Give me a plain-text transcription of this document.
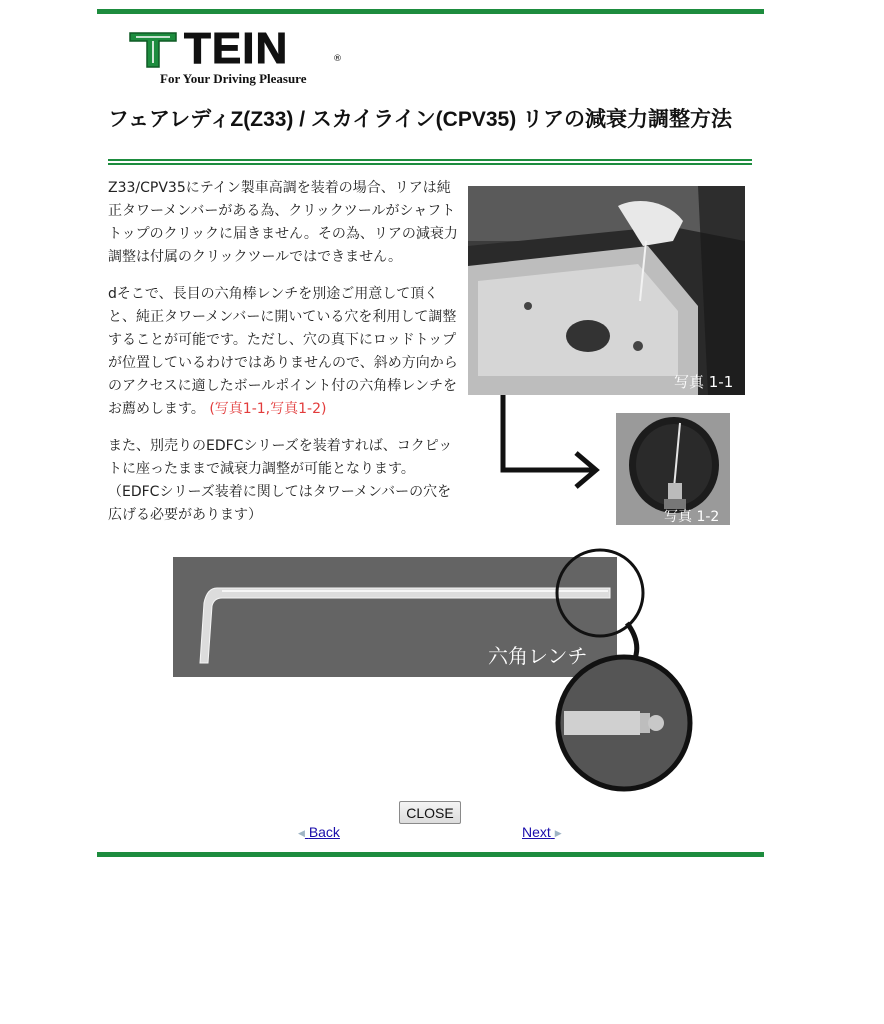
TEIN	®
For Your Driving Pleasure
フェアレディZ(Z33) / スカイライン(CPV35) リアの減衰力調整方法

Z33/CPV35にテイン製車高調を装着の場合、リアは純正タワーメンバーがある為、クリックツールがシャフトトップのクリックに届きません。その為、リアの減衰力調整は付属のクリックツールではできません。

dそこで、長目の六角棒レンチを別途ご用意して頂くと、純正タワーメンバーに開いている穴を利用して調整することが可能です。ただし、穴の真下にロッドトップが位置しているわけではありませんので、斜め方向からのアクセスに適したボールポイント付の六角棒レンチをお薦めします。 (写真1-1,写真1-2)

また、別売りのEDFCシリーズを装着すれば、コクピットに座ったままで減衰力調整が可能となります。（EDFCシリーズ装着に関してはタワーメンバーの穴を広げる必要があります）

写真 1-1
写真 1-2
六角レンチ
CLOSE
◀ Back	Next ▶
